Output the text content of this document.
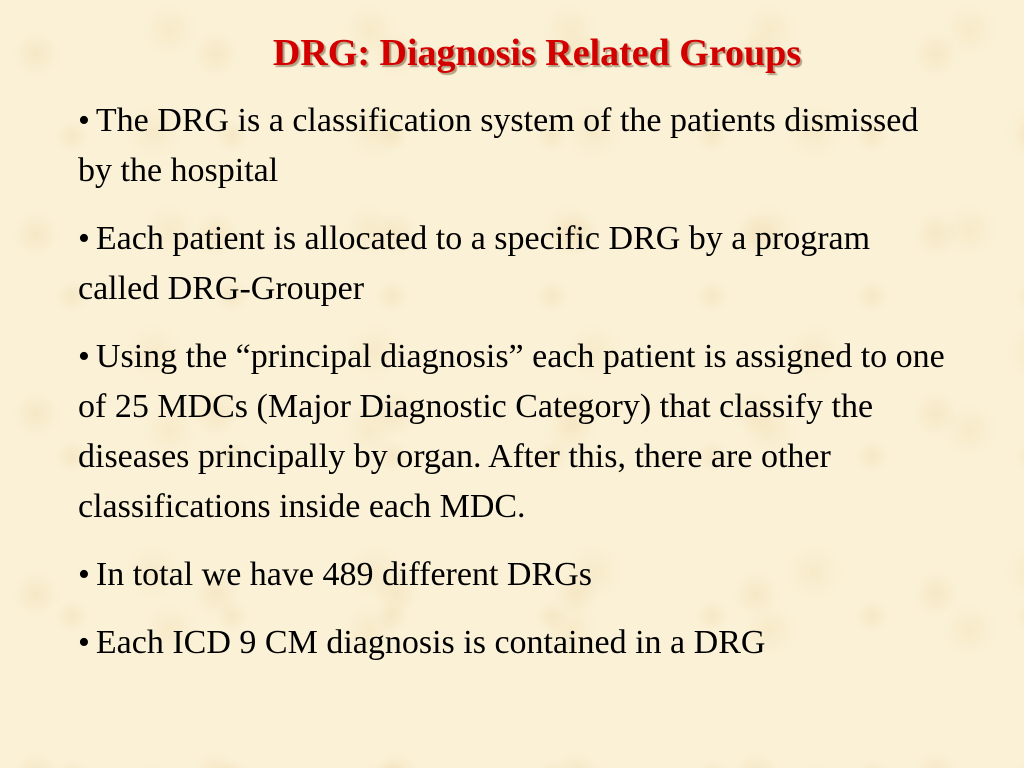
DRG: Diagnosis Related Groups
• The DRG is a classification system of the patients dismissed by the hospital
• Each patient is allocated to a specific DRG by a program called DRG-Grouper
• Using the “principal diagnosis” each patient is assigned to one of 25 MDCs (Major Diagnostic Category) that classify the diseases principally by organ. After this, there are other classifications inside each MDC.
• In total we have 489 different DRGs
• Each ICD 9 CM diagnosis is contained in a DRG
